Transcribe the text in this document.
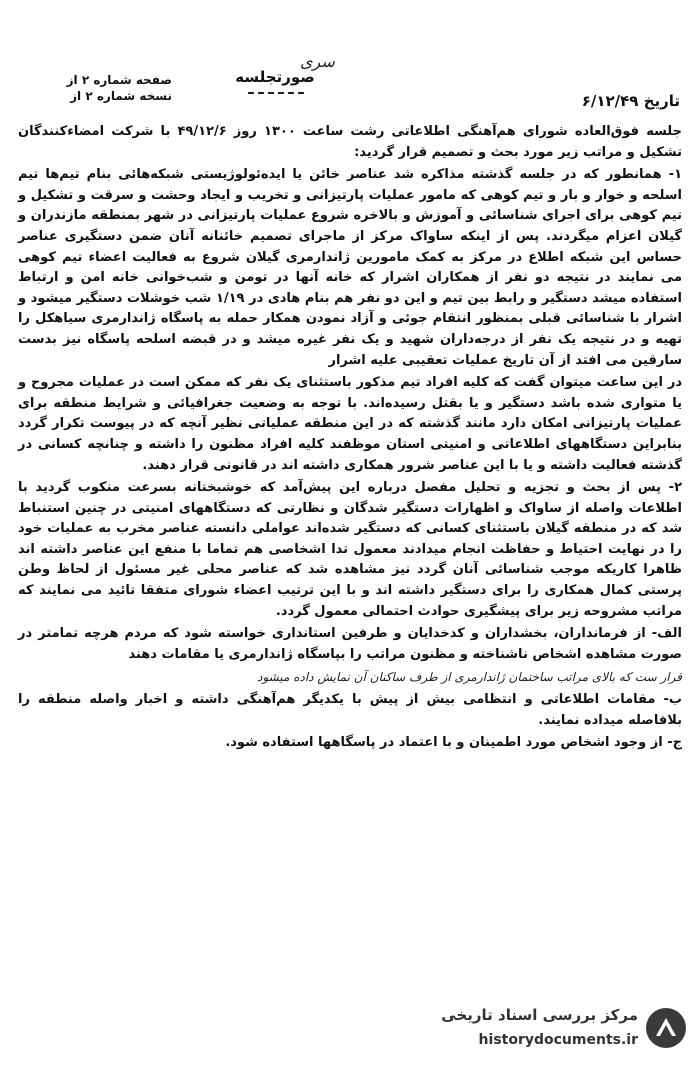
سری
صورتجلسه
صفحه شماره ۲ از
نسخه شماره ۲ از	تاریخ ۶/۱۲/۴۹

جلسه فوق‌العاده شورای هم‌آهنگی اطلاعاتی رشت ساعت ۱۳۰۰ روز ۴۹/۱۲/۶ با شرکت امضاء‌کنندگان تشکیل و مراتب زیر مورد بحث و تصمیم قرار گردید:

۱- همانطور که در جلسه گذشته مذاکره شد عناصر خائن یا ایده‌ئولوژیستی شبکه‌هائی بنام تیم‌ها تیم اسلحه و خوار و بار و تیم کوهی که مامور عملیات پارتیزانی و تخریب و ایجاد وحشت و سرقت و تشکیل و تیم کوهی برای اجرای شناسائی و آموزش و بالاخره شروع عملیات پارتیزانی در شهر بمنطقه مازندران و گیلان اعزام میگردند. پس از اینکه ساواک مرکز از ماجرای تصمیم خائنانه آنان ضمن دستگیری عناصر حساس این شبکه اطلاع در مرکز به کمک مامورین ژاندارمری گیلان شروع به فعالیت اعضاء تیم کوهی می نمایند در نتیجه دو نفر از همکاران اشرار که خانه آنها در تومن و شب‌خوانی خانه امن و ارتباط استفاده میشد دستگیر و رابط بین تیم و این دو نفر هم بنام هادی در ۱/۱۹ شب خوشلات دستگیر میشود و اشرار با شناسائی قبلی بمنظور انتقام جوئی و آزاد نمودن همکار حمله به پاسگاه ژاندارمری سیاهکل را تهیه و در نتیجه یک نفر از درجه‌داران شهید و یک نفر غیره میشد و در قبضه اسلحه پاسگاه نیز بدست سارقین می افتد از آن تاریخ عملیات تعقیبی علیه اشرار

در این ساعت میتوان گفت که کلیه افراد تیم مذکور باستثنای یک نفر که ممکن است در عملیات مجروح و یا متواری شده باشد دستگیر و یا بقتل رسیده‌اند. با توجه به وضعیت جغرافیائی و شرایط منطقه برای عملیات پارتیزانی امکان دارد مانند گذشته که در این منطقه عملیاتی نظیر آنچه که در پیوست تکرار گردد بنابراین دستگاههای اطلاعاتی و امنیتی استان موظفند کلیه افراد مظنون را داشته و چنانچه کسانی در گذشته فعالیت داشته و یا با این عناصر شرور همکاری داشته اند در قانونی قرار دهند.

۲- پس از بحث و تجزیه و تحلیل مفصل درباره این پیش‌آمد که خوشبختانه بسرعت منکوب گردید با اطلاعات واصله از ساواک و اظهارات دستگیر شدگان و نظارتی که دستگاههای امنیتی در چنین استنباط شد که در منطقه گیلان باستثنای کسانی که دستگیر شده‌اند عواملی دانسته عناصر مخرب به عملیات خود را در نهایت احتیاط و حفاظت انجام میدادند معمول تدا اشخاصی هم تماما با منفع این عناصر داشته اند ظاهرا کاریکه موجب شناسائی آنان گردد نیز مشاهده شد که عناصر محلی غیر مسئول از لحاظ وطن پرستی کمال همکاری را برای دستگیر داشته اند و با این ترتیب اعضاء شورای متفقا تائید می نمایند که مراتب مشروحه زیر برای پیشگیری حوادث احتمالی معمول گردد.

الف- از فرمانداران، بخشداران و کدخدایان و طرفین استانداری خواسته شود که مردم هرچه تمامتر در صورت مشاهده اشخاص ناشناخته و مظنون مراتب را بپاسگاه ژاندارمری یا مقامات دهند

قرار ست که بالای مراتب ساختمان ژاندارمری از طرف ساکنان آن نمایش داده میشود

ب- مقامات اطلاعاتی و انتظامی بیش از پیش با یکدیگر هم‌آهنگی داشته و اخبار واصله منطقه را بلافاصله میداده نمایند.

ج- از وجود اشخاص مورد اطمینان و با اعتماد در پاسگاهها استفاده شود.

مرکز بررسی اسناد تاریخی
historydocuments.ir
